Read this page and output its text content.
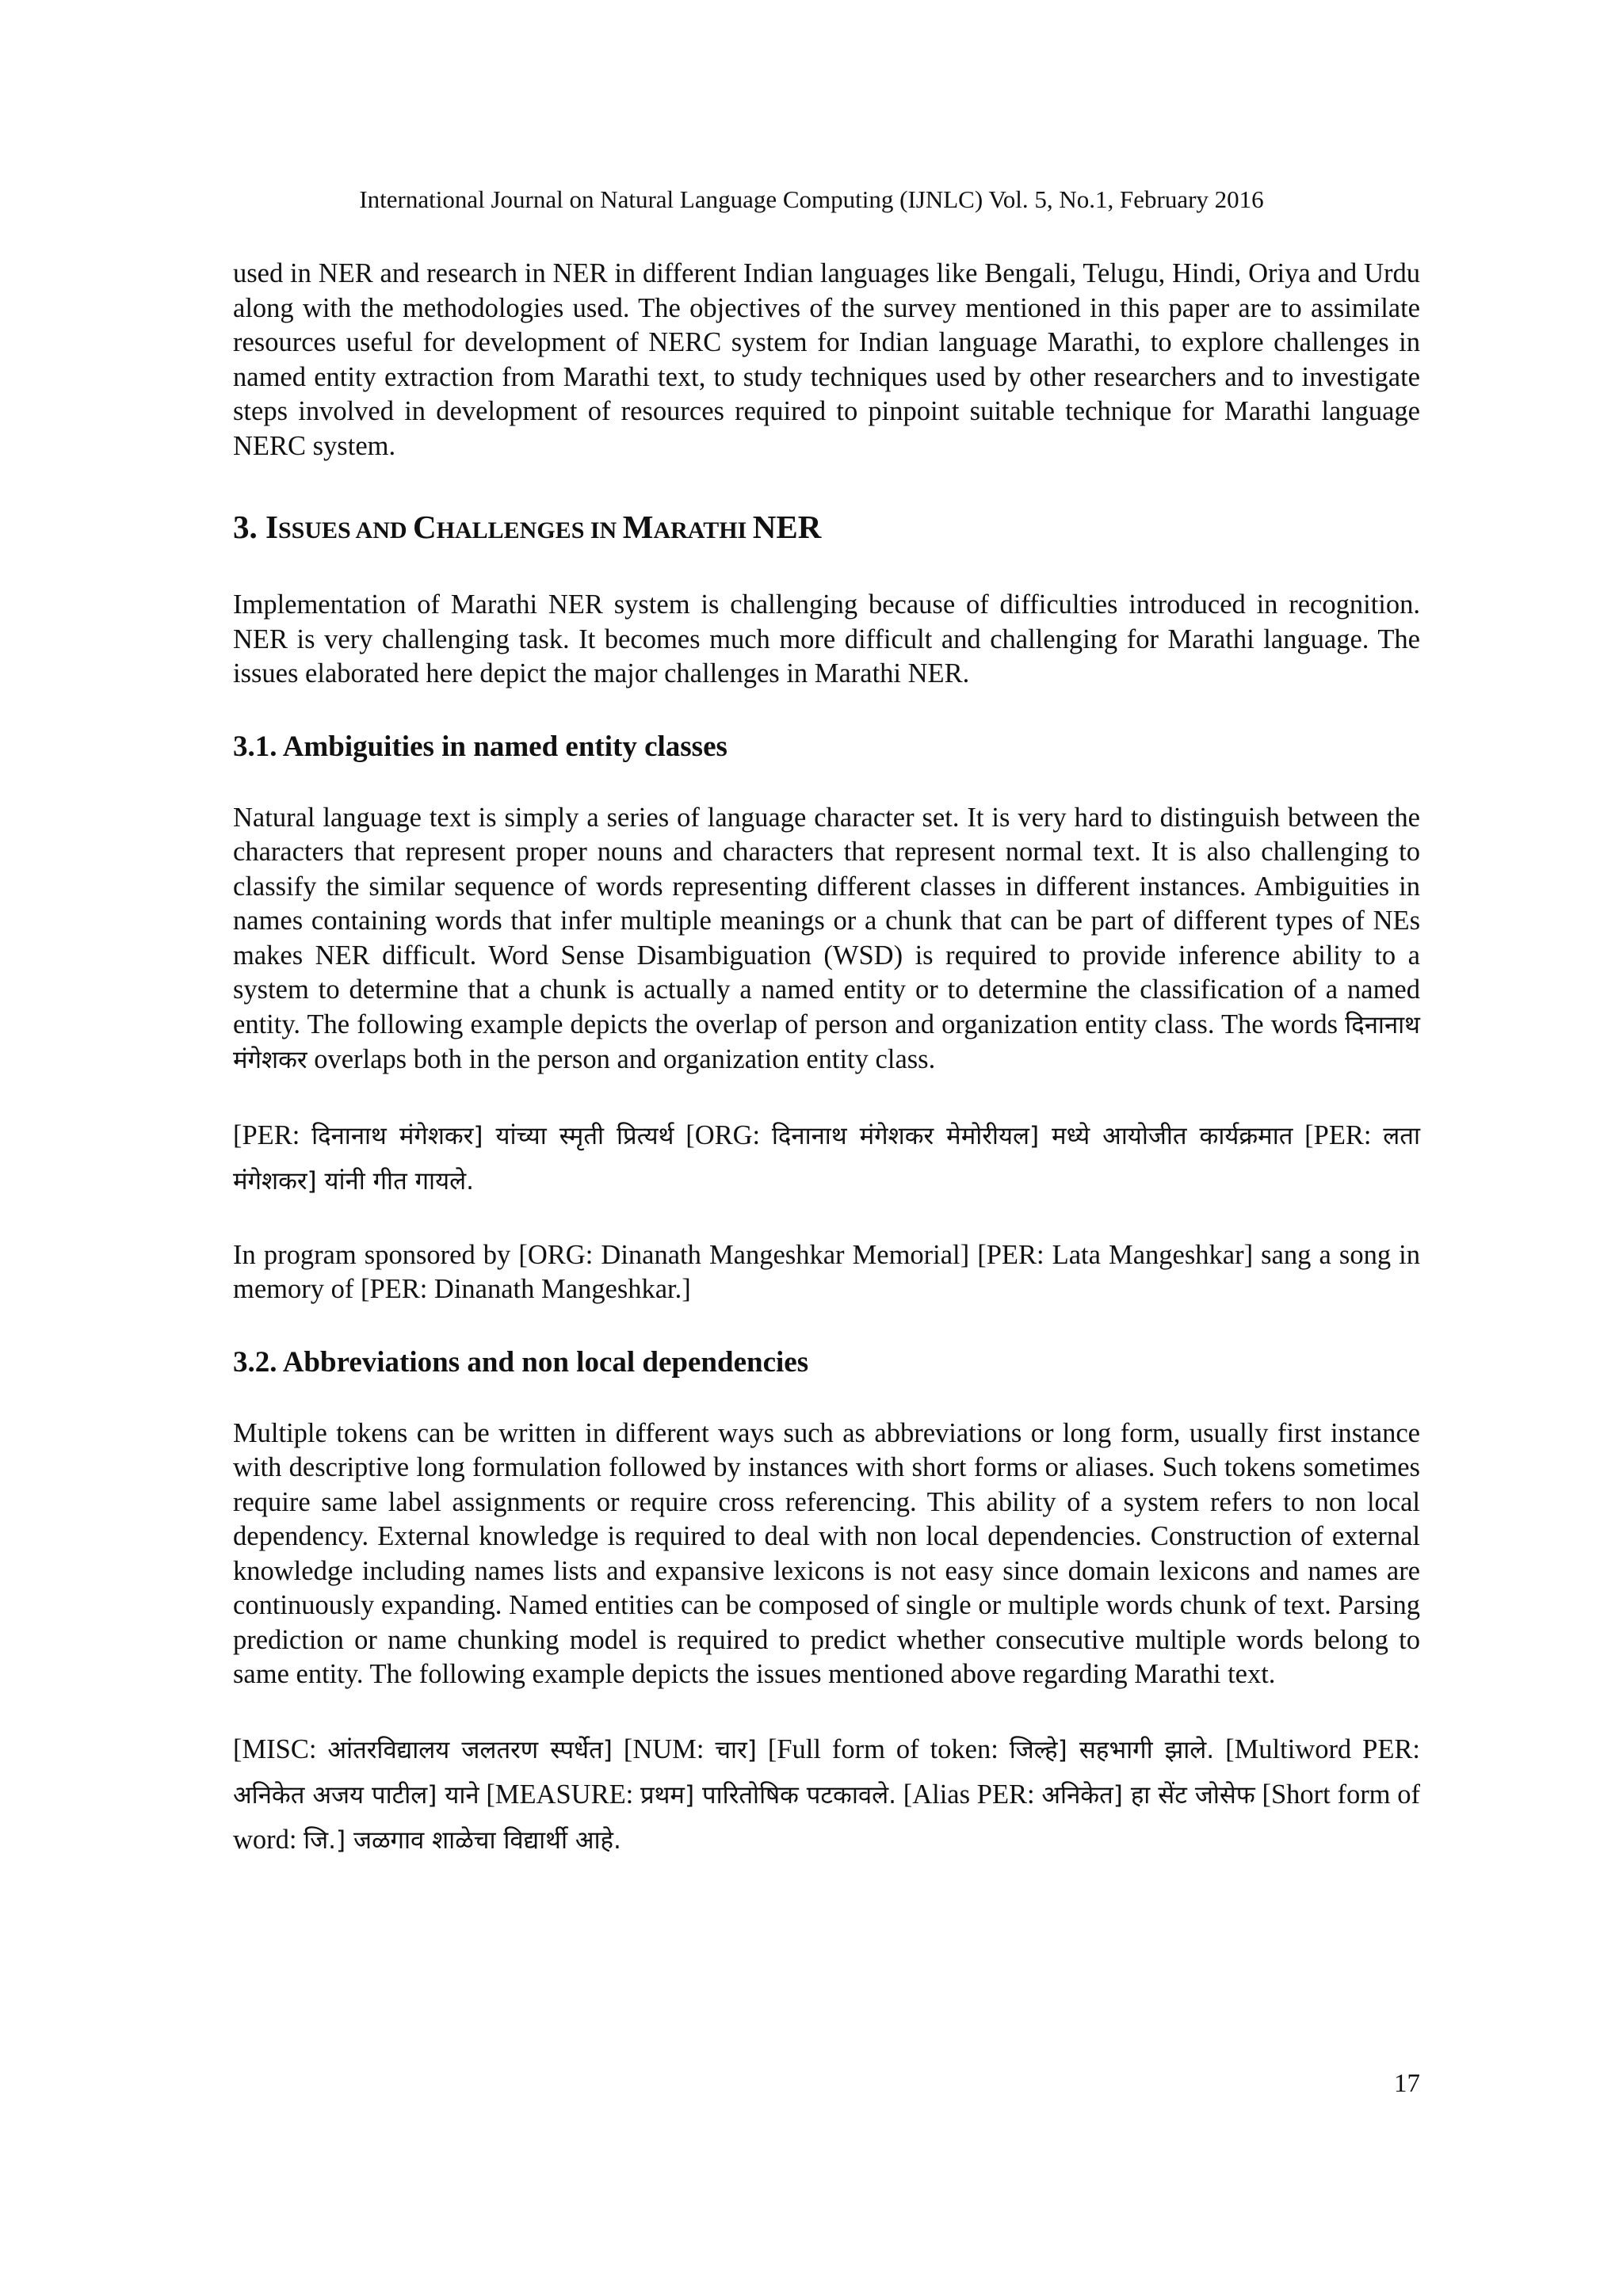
International Journal on Natural Language Computing (IJNLC) Vol. 5, No.1, February 2016

used in NER and research in NER in different Indian languages like Bengali, Telugu, Hindi, Oriya and Urdu along with the methodologies used. The objectives of the survey mentioned in this paper are to assimilate resources useful for development of NERC system for Indian language Marathi, to explore challenges in named entity extraction from Marathi text, to study techniques used by other researchers and to investigate steps involved in development of resources required to pinpoint suitable technique for Marathi language NERC system.

3. ISSUES AND CHALLENGES IN MARATHI NER

Implementation of Marathi NER system is challenging because of difficulties introduced in recognition. NER is very challenging task. It becomes much more difficult and challenging for Marathi language. The issues elaborated here depict the major challenges in Marathi NER.

3.1. Ambiguities in named entity classes

Natural language text is simply a series of language character set. It is very hard to distinguish between the characters that represent proper nouns and characters that represent normal text. It is also challenging to classify the similar sequence of words representing different classes in different instances. Ambiguities in names containing words that infer multiple meanings or a chunk that can be part of different types of NEs makes NER difficult. Word Sense Disambiguation (WSD) is required to provide inference ability to a system to determine that a chunk is actually a named entity or to determine the classification of a named entity. The following example depicts the overlap of person and organization entity class. The words दिनानाथ मंगेशकर overlaps both in the person and organization entity class.

[PER: दिनानाथ मंगेशकर] यांच्या स्मृती प्रित्यर्थ [ORG: दिनानाथ मंगेशकर मेमोरीयल] मध्ये आयोजीत कार्यक्रमात [PER: लता मंगेशकर] यांनी गीत गायले.

In program sponsored by [ORG: Dinanath Mangeshkar Memorial] [PER: Lata Mangeshkar] sang a song in memory of [PER: Dinanath Mangeshkar.]

3.2. Abbreviations and non local dependencies

Multiple tokens can be written in different ways such as abbreviations or long form, usually first instance with descriptive long formulation followed by instances with short forms or aliases. Such tokens sometimes require same label assignments or require cross referencing. This ability of a system refers to non local dependency. External knowledge is required to deal with non local dependencies. Construction of external knowledge including names lists and expansive lexicons is not easy since domain lexicons and names are continuously expanding. Named entities can be composed of single or multiple words chunk of text. Parsing prediction or name chunking model is required to predict whether consecutive multiple words belong to same entity. The following example depicts the issues mentioned above regarding Marathi text.

[MISC: आंतरविद्यालय जलतरण स्पर्धेत] [NUM: चार] [Full form of token: जिल्हे] सहभागी झाले. [Multiword PER: अनिकेत अजय पाटील] याने [MEASURE: प्रथम] पारितोषिक पटकावले. [Alias PER: अनिकेत] हा सेंट जोसेफ [Short form of word: जि.] जळगाव शाळेचा विद्यार्थी आहे.

17
